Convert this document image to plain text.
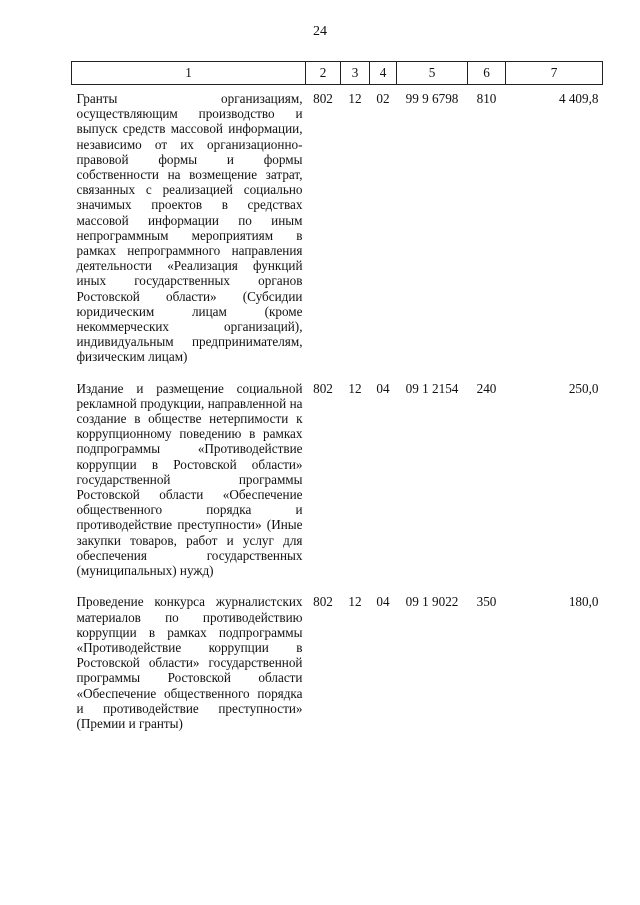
24
1	2	3	4	5	6	7
Гранты организациям, осуществляющим производство и выпуск средств массовой информации, независимо от их организационно-правовой формы и формы собственности на возмещение затрат, связанных с реализацией социально значимых проектов в средствах массовой информации по иным непрограммным мероприятиям в рамках непрограммного направления деятельности «Реализация функций иных государственных органов Ростовской области» (Субсидии юридическим лицам (кроме некоммерческих организаций), индивидуальным предпринимателям, физическим лицам)	802	12	02	99 9 6798	810	4 409,8
Издание и размещение социальной рекламной продукции, направленной на создание в обществе нетерпимости к коррупционному поведению в рамках подпрограммы «Противодействие коррупции в Ростовской области» государственной программы Ростовской области «Обеспечение общественного порядка и противодействие преступности» (Иные закупки товаров, работ и услуг для обеспечения государственных (муниципальных) нужд)	802	12	04	09 1 2154	240	250,0
Проведение конкурса журналистских материалов по противодействию коррупции в рамках подпрограммы «Противодействие коррупции в Ростовской области» государственной программы Ростовской области «Обеспечение общественного порядка и противодействие преступности» (Премии и гранты)	802	12	04	09 1 9022	350	180,0
